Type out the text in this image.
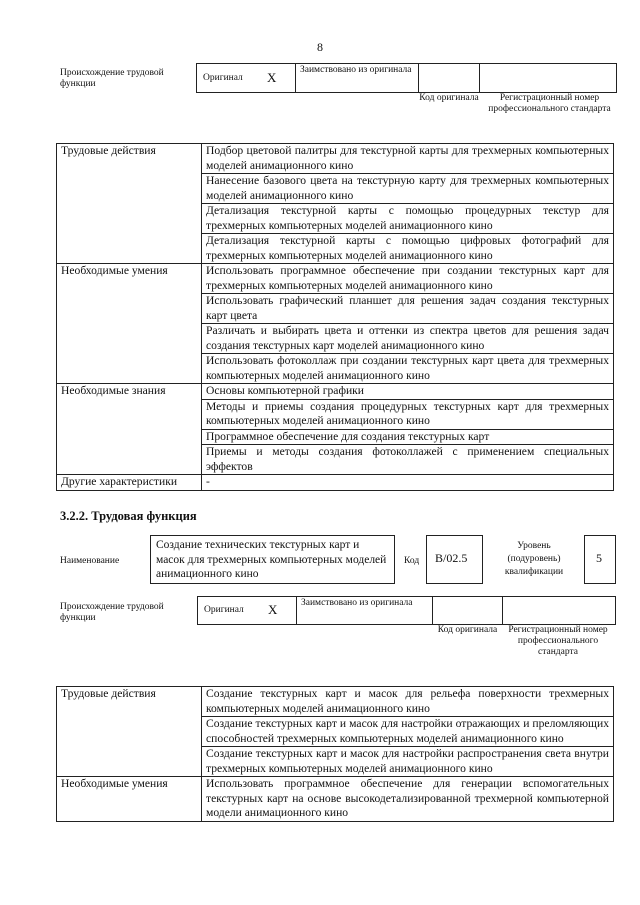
8
Происхождение трудовой функции
Оригинал X	Заимствовано из оригинала
Код оригинала	Регистрационный номер профессионального стандарта
Трудовые действия	Подбор цветовой палитры для текстурной карты для трехмерных компьютерных моделей анимационного кино
	Нанесение базового цвета на текстурную карту для трехмерных компьютерных моделей анимационного кино
	Детализация текстурной карты с помощью процедурных текстур для трехмерных компьютерных моделей анимационного кино
	Детализация текстурной карты с помощью цифровых фотографий для трехмерных компьютерных моделей анимационного кино
Необходимые умения	Использовать программное обеспечение при создании текстурных карт для трехмерных компьютерных моделей анимационного кино
	Использовать графический планшет для решения задач создания текстурных карт цвета
	Различать и выбирать цвета и оттенки из спектра цветов для решения задач создания текстурных карт моделей анимационного кино
	Использовать фотоколлаж при создании текстурных карт цвета для трехмерных компьютерных моделей анимационного кино
Необходимые знания	Основы компьютерной графики
	Методы и приемы создания процедурных текстурных карт для трехмерных компьютерных моделей анимационного кино
	Программное обеспечение для создания текстурных карт
	Приемы и методы создания фотоколлажей с применением специальных эффектов
Другие характеристики	-
3.2.2. Трудовая функция
Наименование
Создание технических текстурных карт и масок для трехмерных компьютерных моделей анимационного кино
Код B/02.5
Уровень (подуровень) квалификации
5
Происхождение трудовой функции
Оригинал X	Заимствовано из оригинала
Код оригинала	Регистрационный номер профессионального стандарта
Трудовые действия	Создание текстурных карт и масок для рельефа поверхности трехмерных компьютерных моделей анимационного кино
	Создание текстурных карт и масок для настройки отражающих и преломляющих способностей трехмерных компьютерных моделей анимационного кино
	Создание текстурных карт и масок для настройки распространения света внутри трехмерных компьютерных моделей анимационного кино
Необходимые умения	Использовать программное обеспечение для генерации вспомогательных текстурных карт на основе высокодетализированной трехмерной компьютерной модели анимационного кино
